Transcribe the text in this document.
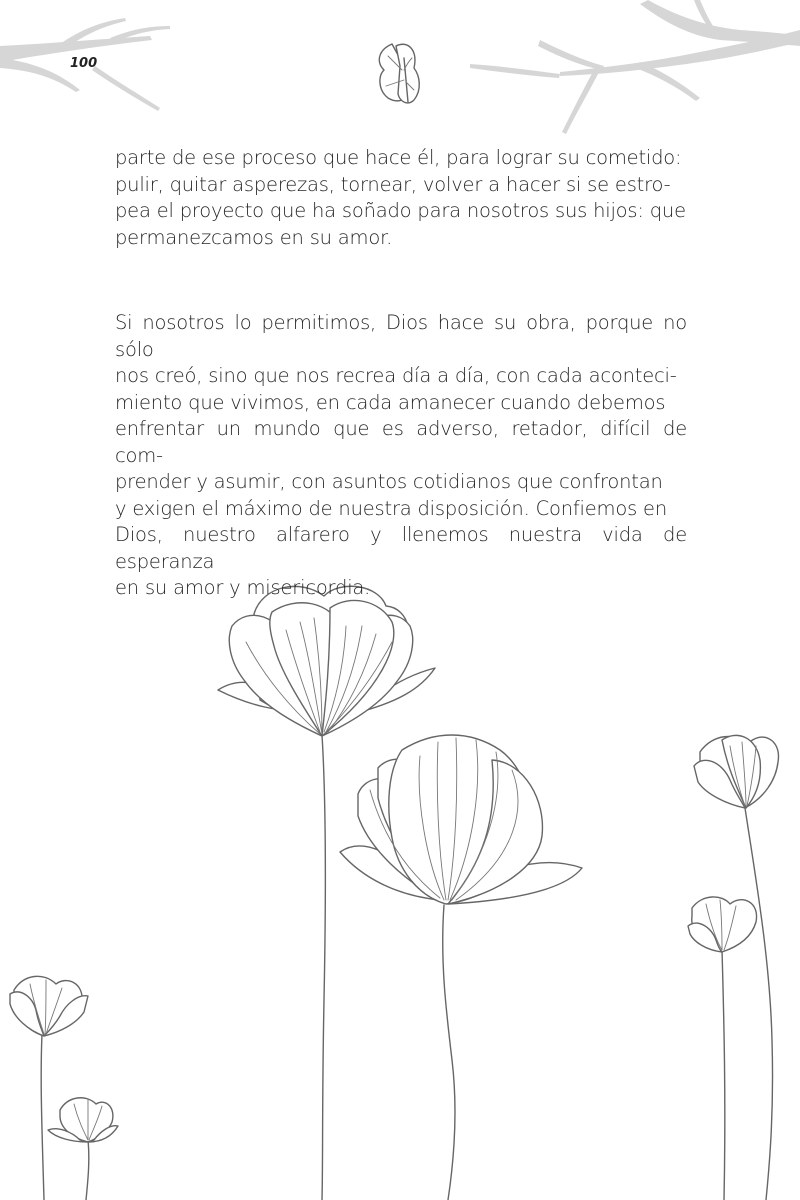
100
parte de ese proceso que hace él, para lograr su cometido:
pulir, quitar asperezas, tornear, volver a hacer si se estro-
pea el proyecto que ha soñado para nosotros sus hijos: que
permanezcamos en su amor.
Si nosotros lo permitimos, Dios hace su obra, porque no sólo
nos creó, sino que nos recrea día a día, con cada aconteci-
miento que vivimos, en cada amanecer cuando debemos
enfrentar un mundo que es adverso, retador, difícil de com-
prender y asumir, con asuntos cotidianos que confrontan
y exigen el máximo de nuestra disposición. Confiemos en
Dios, nuestro alfarero y llenemos nuestra vida de esperanza
en su amor y misericordia.
